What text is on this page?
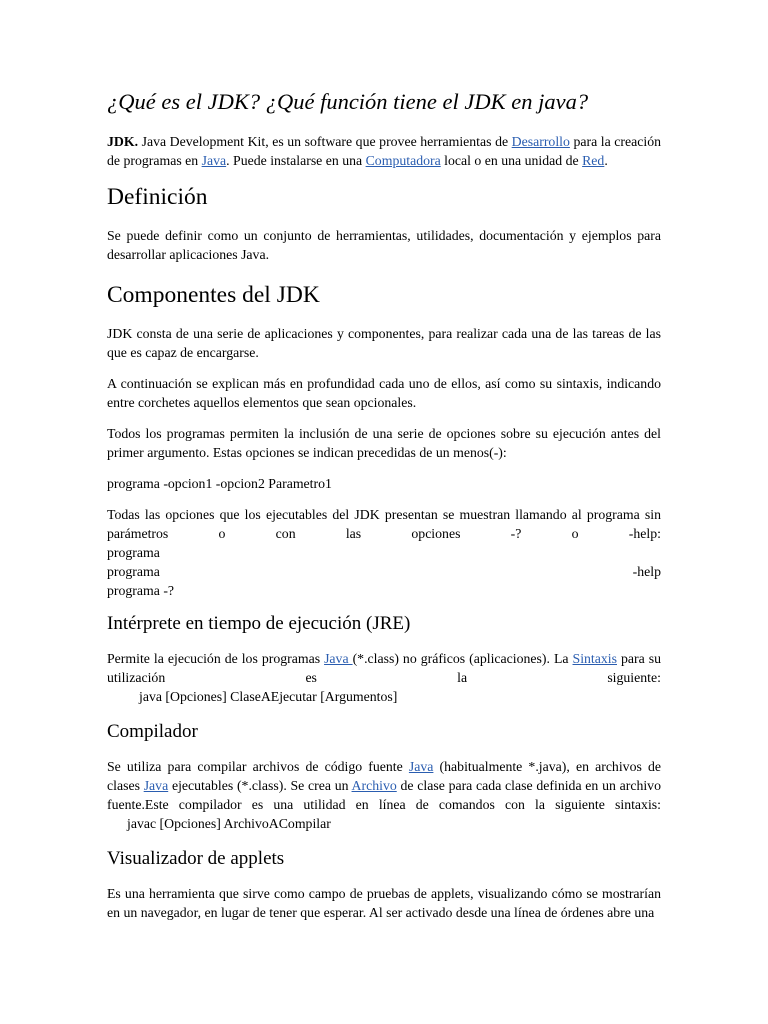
¿Qué es el JDK? ¿Qué función tiene el JDK en java?

JDK. Java Development Kit, es un software que provee herramientas de Desarrollo para la creación de programas en Java. Puede instalarse en una Computadora local o en una unidad de Red.

Definición

Se puede definir como un conjunto de herramientas, utilidades, documentación y ejemplos para desarrollar aplicaciones Java.

Componentes del JDK

JDK consta de una serie de aplicaciones y componentes, para realizar cada una de las tareas de las que es capaz de encargarse.

A continuación se explican más en profundidad cada uno de ellos, así como su sintaxis, indicando entre corchetes aquellos elementos que sean opcionales.

Todos los programas permiten la inclusión de una serie de opciones sobre su ejecución antes del primer argumento. Estas opciones se indican precedidas de un menos(-):

programa -opcion1 -opcion2 Parametro1
Todas las opciones que los ejecutables del JDK presentan se muestran llamando al programa sin
parámetros	o	con	las	opciones	-?	o	-help:
programa
programa	-help
programa -?
Intérprete en tiempo de ejecución (JRE)
Permite la ejecución de los programas Java (*.class) no gráficos (aplicaciones). La Sintaxis para su
utilización	es	la	siguiente:
java [Opciones] ClaseAEjecutar [Argumentos]
Compilador
Se utiliza para compilar archivos de código fuente Java (habitualmente *.java), en archivos de clases Java ejecutables (*.class). Se crea un Archivo de clase para cada clase definida en un archivo fuente.Este compilador es una utilidad en línea de comandos con la siguiente sintaxis:
javac [Opciones] ArchivoACompilar
Visualizador de applets

Es una herramienta que sirve como campo de pruebas de applets, visualizando cómo se mostrarían en un navegador, en lugar de tener que esperar. Al ser activado desde una línea de órdenes abre una
